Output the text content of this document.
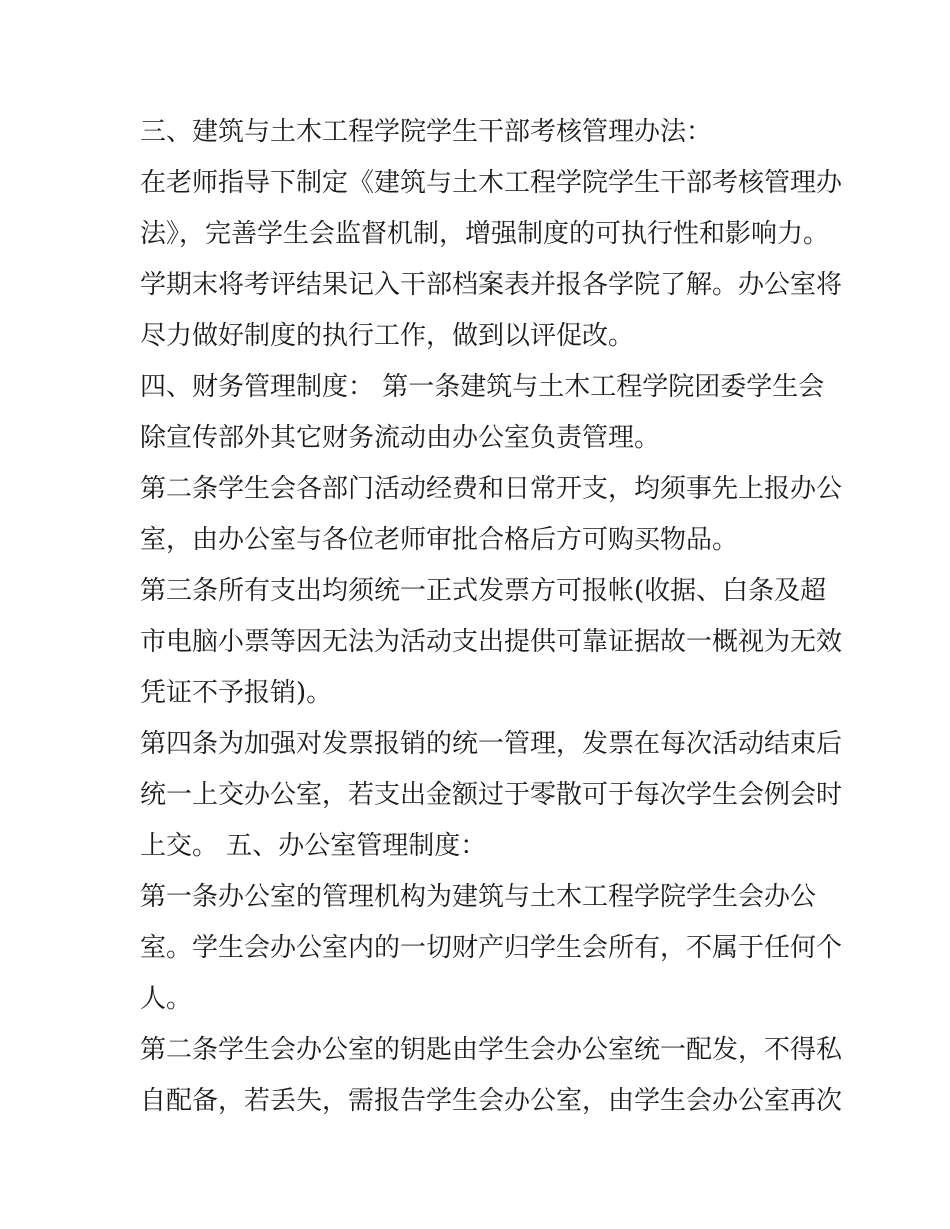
三、建筑与土木工程学院学生干部考核管理办法：
在老师指导下制定《建筑与土木工程学院学生干部考核管理办
法》，完善学生会监督机制，增强制度的可执行性和影响力。
学期末将考评结果记入干部档案表并报各学院了解。办公室将
尽力做好制度的执行工作，做到以评促改。
四、财务管理制度： 第一条建筑与土木工程学院团委学生会
除宣传部外其它财务流动由办公室负责管理。
第二条学生会各部门活动经费和日常开支，均须事先上报办公
室，由办公室与各位老师审批合格后方可购买物品。
第三条所有支出均须统一正式发票方可报帐(收据、白条及超
市电脑小票等因无法为活动支出提供可靠证据故一概视为无效
凭证不予报销)。
第四条为加强对发票报销的统一管理，发票在每次活动结束后
统一上交办公室，若支出金额过于零散可于每次学生会例会时
上交。 五、办公室管理制度：
第一条办公室的管理机构为建筑与土木工程学院学生会办公
室。学生会办公室内的一切财产归学生会所有，不属于任何个
人。
第二条学生会办公室的钥匙由学生会办公室统一配发，不得私
自配备，若丢失，需报告学生会办公室，由学生会办公室再次
